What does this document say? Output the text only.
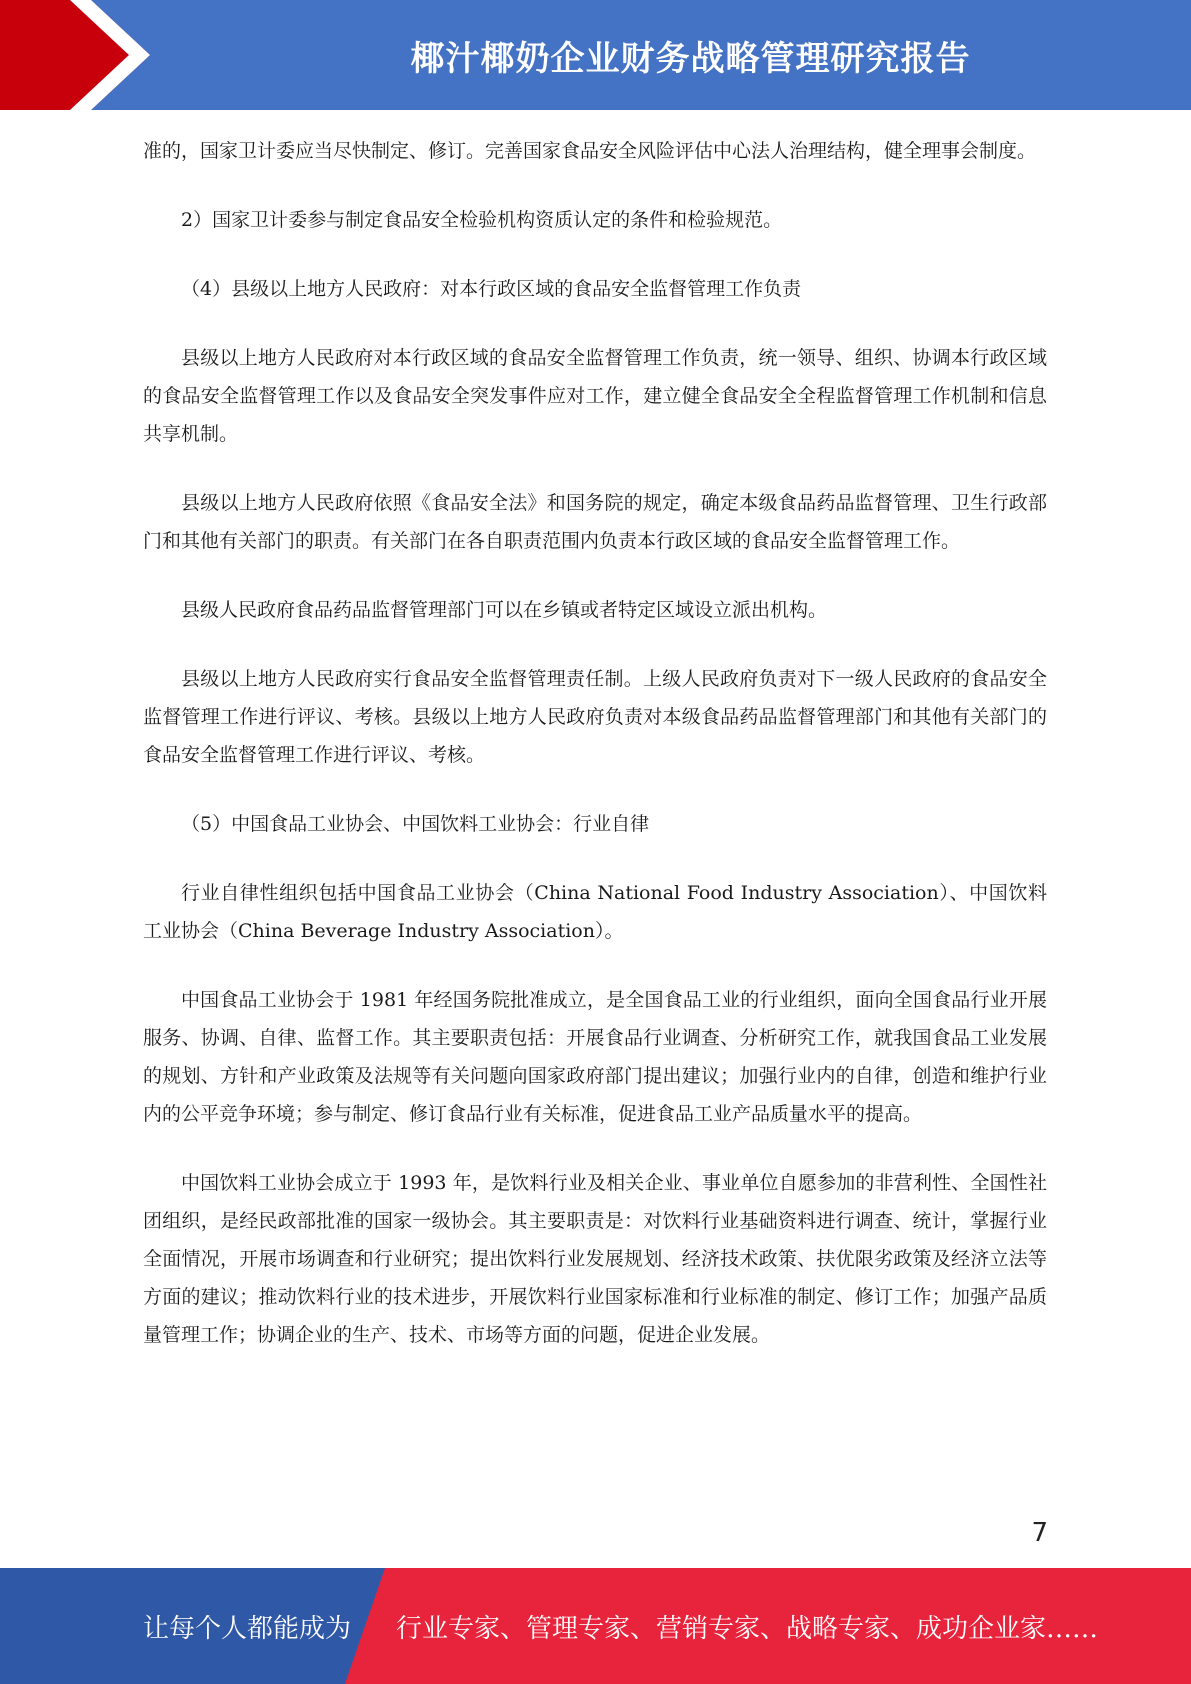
椰汁椰奶企业财务战略管理研究报告

准的，国家卫计委应当尽快制定、修订。完善国家食品安全风险评估中心法人治理结构，健全理事会制度。

2）国家卫计委参与制定食品安全检验机构资质认定的条件和检验规范。

（4）县级以上地方人民政府：对本行政区域的食品安全监督管理工作负责

县级以上地方人民政府对本行政区域的食品安全监督管理工作负责，统一领导、组织、协调本行政区域的食品安全监督管理工作以及食品安全突发事件应对工作，建立健全食品安全全程监督管理工作机制和信息共享机制。

县级以上地方人民政府依照《食品安全法》和国务院的规定，确定本级食品药品监督管理、卫生行政部门和其他有关部门的职责。有关部门在各自职责范围内负责本行政区域的食品安全监督管理工作。

县级人民政府食品药品监督管理部门可以在乡镇或者特定区域设立派出机构。

县级以上地方人民政府实行食品安全监督管理责任制。上级人民政府负责对下一级人民政府的食品安全监督管理工作进行评议、考核。县级以上地方人民政府负责对本级食品药品监督管理部门和其他有关部门的食品安全监督管理工作进行评议、考核。

（5）中国食品工业协会、中国饮料工业协会：行业自律

行业自律性组织包括中国食品工业协会（China National Food Industry Association）、中国饮料工业协会（China Beverage Industry Association）。

中国食品工业协会于 1981 年经国务院批准成立，是全国食品工业的行业组织，面向全国食品行业开展服务、协调、自律、监督工作。其主要职责包括：开展食品行业调查、分析研究工作，就我国食品工业发展的规划、方针和产业政策及法规等有关问题向国家政府部门提出建议；加强行业内的自律，创造和维护行业内的公平竞争环境；参与制定、修订食品行业有关标准，促进食品工业产品质量水平的提高。

中国饮料工业协会成立于 1993 年，是饮料行业及相关企业、事业单位自愿参加的非营利性、全国性社团组织，是经民政部批准的国家一级协会。其主要职责是：对饮料行业基础资料进行调查、统计，掌握行业全面情况，开展市场调查和行业研究；提出饮料行业发展规划、经济技术政策、扶优限劣政策及经济立法等方面的建议；推动饮料行业的技术进步，开展饮料行业国家标准和行业标准的制定、修订工作；加强产品质量管理工作；协调企业的生产、技术、市场等方面的问题，促进企业发展。

7
让每个人都能成为 行业专家、管理专家、营销专家、战略专家、成功企业家……
